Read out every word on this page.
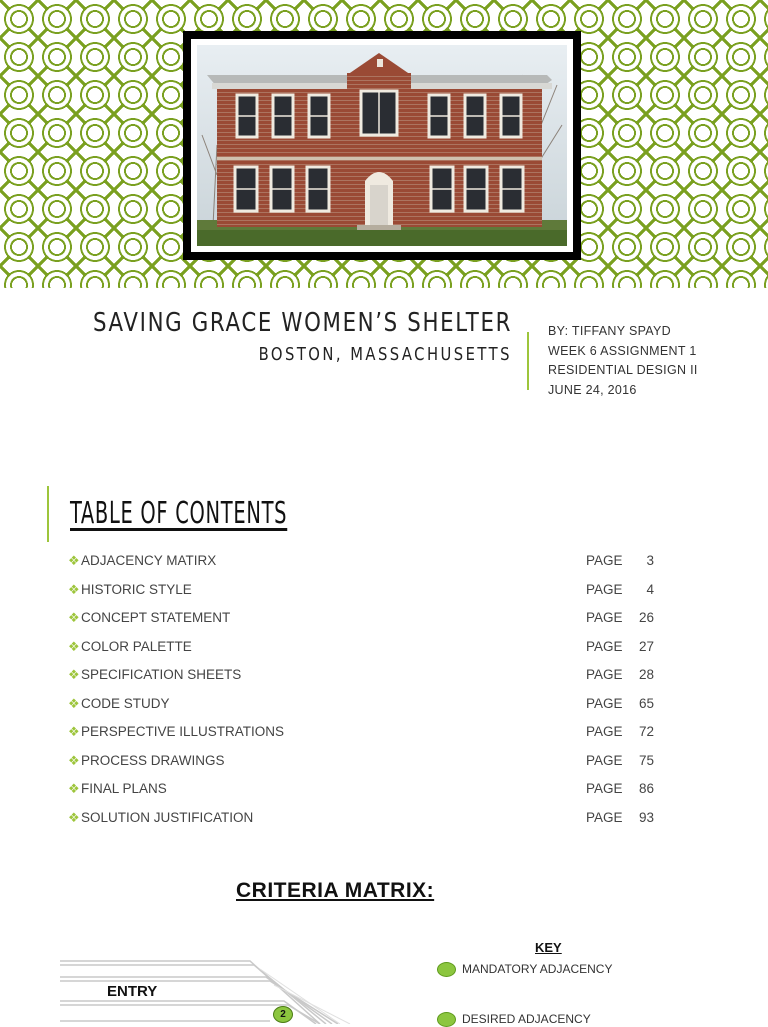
SAVING GRACE WOMEN’S SHELTER
BOSTON, MASSACHUSETTS
BY: TIFFANY SPAYD
WEEK 6 ASSIGNMENT 1
RESIDENTIAL DESIGN II
JUNE 24, 2016
TABLE OF CONTENTS
❖ ADJACENCY MATIRX	PAGE	3
❖ HISTORIC STYLE	PAGE	4
❖ CONCEPT STATEMENT	PAGE	26
❖ COLOR PALETTE	PAGE	27
❖ SPECIFICATION SHEETS	PAGE	28
❖ CODE STUDY	PAGE	65
❖ PERSPECTIVE ILLUSTRATIONS	PAGE	72
❖ PROCESS DRAWINGS	PAGE	75
❖ FINAL PLANS	PAGE	86
❖ SOLUTION JUSTIFICATION	PAGE	93
CRITERIA MATRIX:
ENTRY
2
KEY
MANDATORY ADJACENCY
DESIRED ADJACENCY
